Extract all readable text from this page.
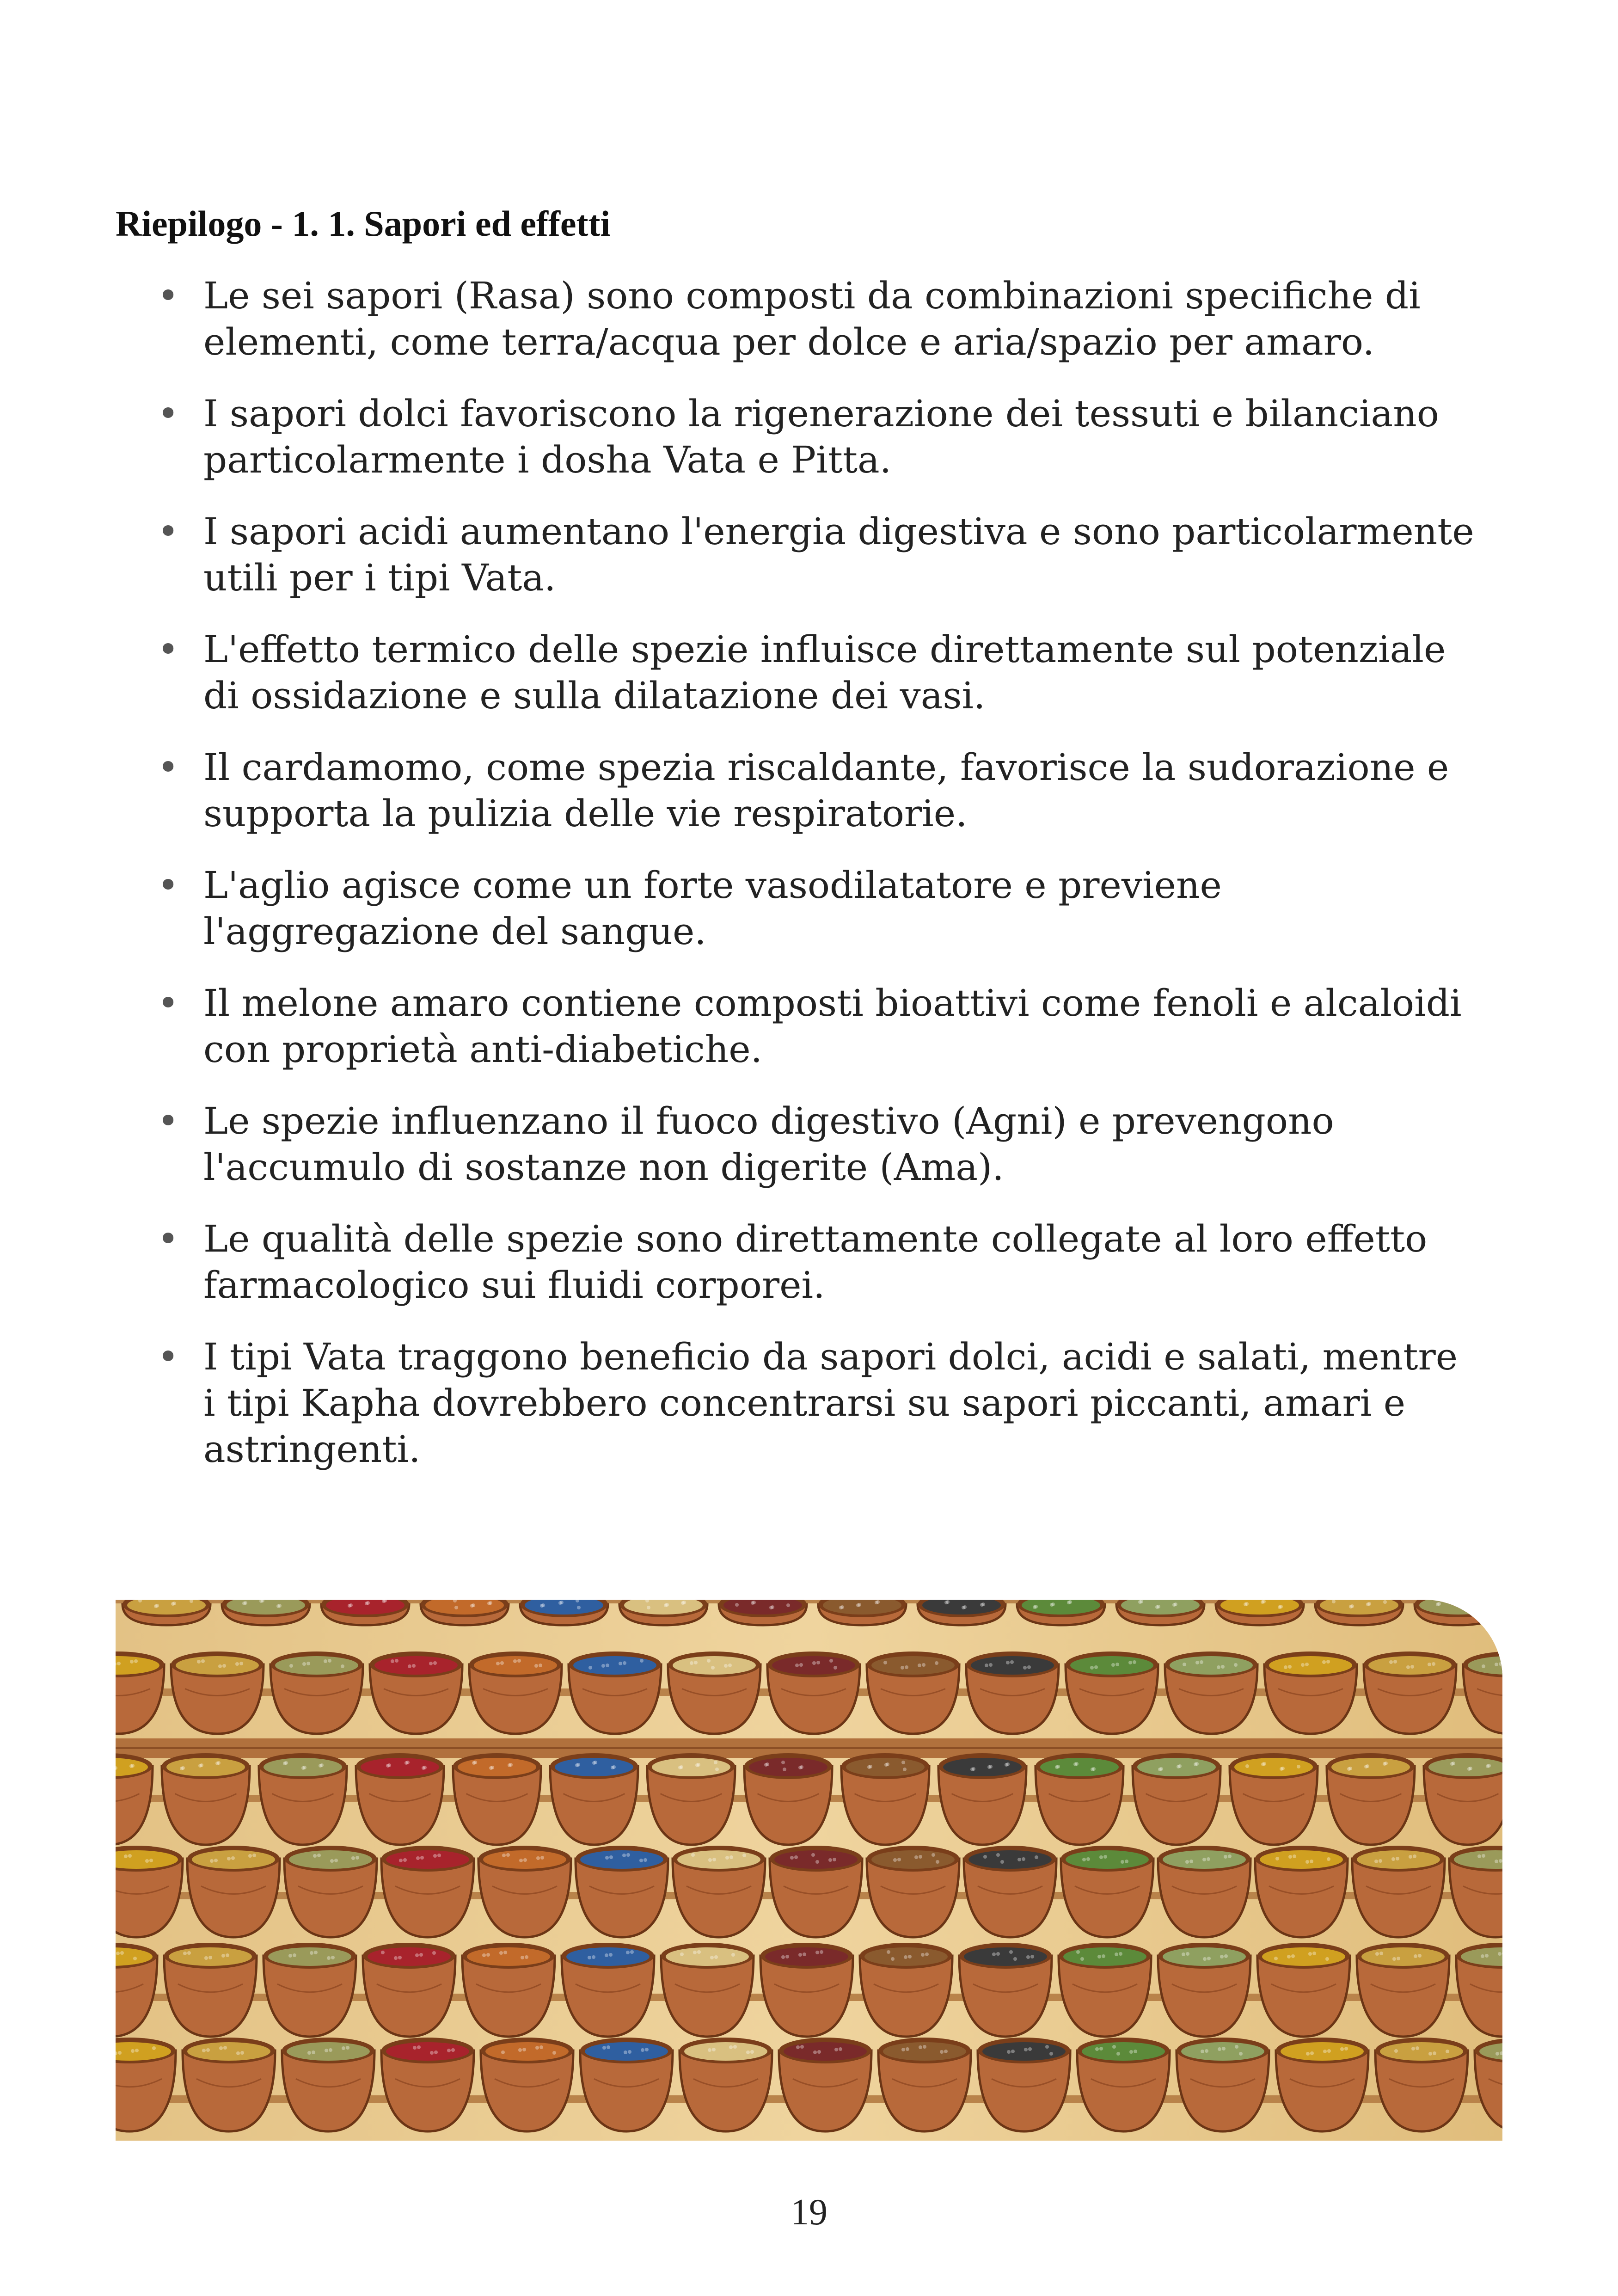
Riepilogo - 1. 1. Sapori ed effetti
• Le sei sapori (Rasa) sono composti da combinazioni specifiche di
elementi, come terra/acqua per dolce e aria/spazio per amaro.
• I sapori dolci favoriscono la rigenerazione dei tessuti e bilanciano
particolarmente i dosha Vata e Pitta.
• I sapori acidi aumentano l'energia digestiva e sono particolarmente
utili per i tipi Vata.
• L'effetto termico delle spezie influisce direttamente sul potenziale
di ossidazione e sulla dilatazione dei vasi.
• Il cardamomo, come spezia riscaldante, favorisce la sudorazione e
supporta la pulizia delle vie respiratorie.
• L'aglio agisce come un forte vasodilatatore e previene
l'aggregazione del sangue.
• Il melone amaro contiene composti bioattivi come fenoli e alcaloidi
con proprietà anti-diabetiche.
• Le spezie influenzano il fuoco digestivo (Agni) e prevengono
l'accumulo di sostanze non digerite (Ama).
• Le qualità delle spezie sono direttamente collegate al loro effetto
farmacologico sui fluidi corporei.
• I tipi Vata traggono beneficio da sapori dolci, acidi e salati, mentre
i tipi Kapha dovrebbero concentrarsi su sapori piccanti, amari e
astringenti.
19
